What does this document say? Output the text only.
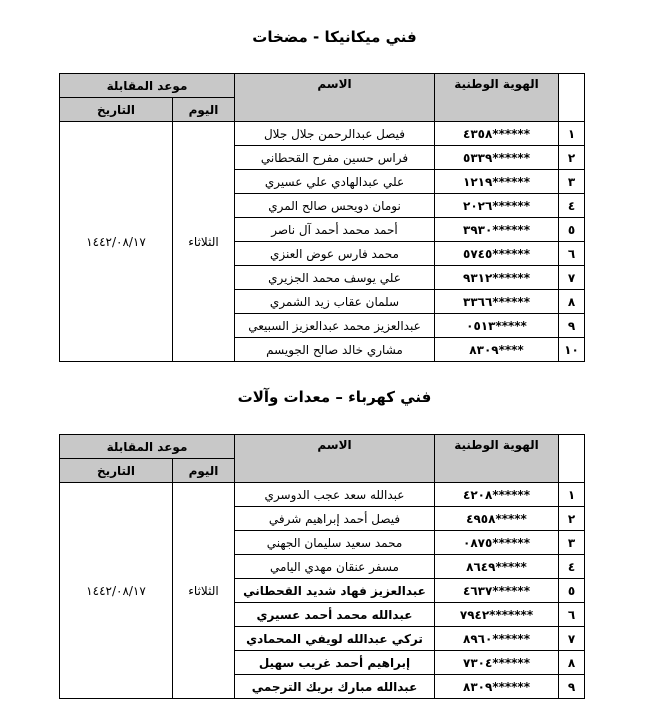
فني ميكانيكا - مضخات
	الهوية الوطنية	الاسم	موعد المقابلة	
			اليوم	التاريخ
١	******٤٣٥٨	فيصل عبدالرحمن جلال جلال	الثلاثاء	١٤٤٢/٠٨/١٧
٢	******٥٣٣٩	فراس حسين مفرح القحطاني		
٣	******١٢١٩	علي عبدالهادي علي عسيري		
٤	******٢٠٢٦	نومان دويحس صالح المري		
٥	******٣٩٣٠	أحمد محمد أحمد آل ناصر		
٦	******٥٧٤٥	محمد فارس عوض العنزي		
٧	******٩٣١٢	علي يوسف محمد الجزيري		
٨	******٣٣٦٦	سلمان عقاب زيد الشمري		
٩	*****٠٥١٣	عبدالعزيز محمد عبدالعزيز السبيعي		
١٠	****٨٣٠٩	مشاري خالد صالح الجويسم		
فني كهرباء – معدات وآلات
	الهوية الوطنية	الاسم	موعد المقابلة	
			اليوم	التاريخ
١	******٤٢٠٨	عبدالله سعد عجب الدوسري	الثلاثاء	١٤٤٢/٠٨/١٧
٢	*****٤٩٥٨	فيصل أحمد إبراهيم شرفي		
٣	******٠٨٧٥	محمد سعيد سليمان الجهني		
٤	*****٨٦٤٩	مسفر عنقان مهدي اليامي		
٥	******٤٦٣٧	عبدالعزيز فهاد شديد القحطاني		
٦	*******٧٩٤٢	عبدالله محمد أحمد عسيري		
٧	******٨٩٦٠	تركي عبدالله لويفي المحمادي		
٨	******٧٣٠٤	إبراهيم أحمد غريب سهيل		
٩	******٨٣٠٩	عبدالله مبارك بريك الترجمي		
